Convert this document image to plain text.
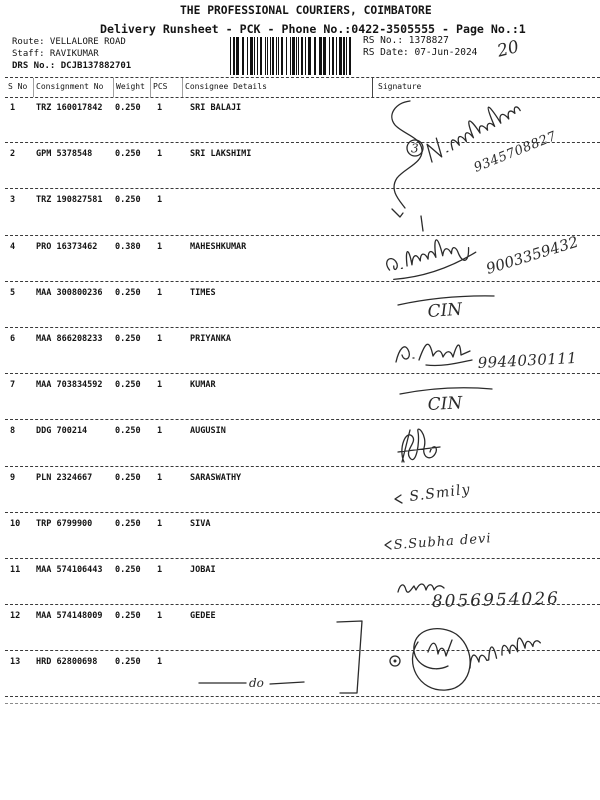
THE PROFESSIONAL COURIERS, COIMBATORE
Delivery Runsheet - PCK - Phone No.:0422-3505555 - Page No.:1
Route: VELLALORE ROAD
Staff: RAVIKUMAR
DRS No.: DCJB137882701
RS No.: 1378827
RS Date: 07-Jun-2024
S No Consignment No Weight PCS Consignee Details	Signature
1 TRZ 160017842 0.250 1	SRI BALAJI
2 GPM 5378548	0.250 1	SRI LAKSHIMI
3 TRZ 190827581 0.250 1
4 PRO 16373462 0.380 1	MAHESHKUMAR
5 MAA 300800236 0.250 1	TIMES
6 MAA 866208233 0.250 1	PRIYANKA
7 MAA 703834592 0.250 1	KUMAR
8 DDG 700214	0.250 1	AUGUSIN
9 PLN 2324667	0.250 1	SARASWATHY
10 TRP 6799900	0.250 1	SIVA
11 MAA 574106443 0.250 1	JOBAI
12 MAA 574148009 0.250 1	GEDEE
13 HRD 62800698 0.250 1
20
3	9345708827
9003359432
CIN
9944030111
CIN
S.Smily
S.Subha devi
8056954026
do
